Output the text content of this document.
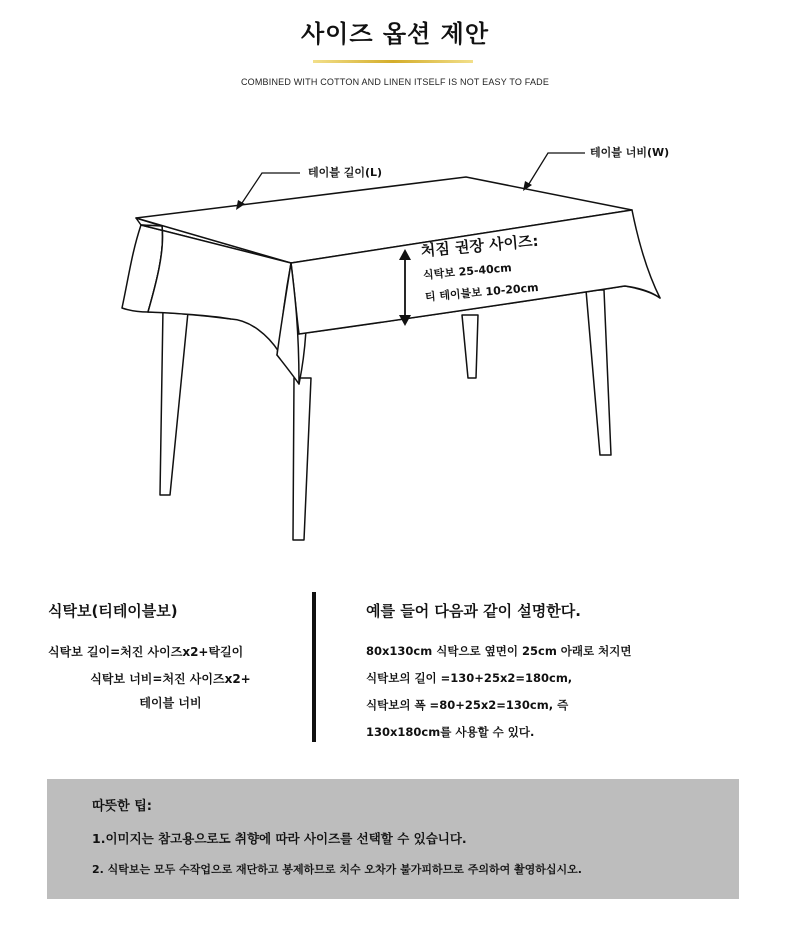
사이즈 옵션 제안
COMBINED WITH COTTON AND LINEN ITSELF IS NOT EASY TO FADE
테이블 길이(L)
테이블 너비(W)
처짐 권장 사이즈:
식탁보 25-40cm
티 테이블보 10-20cm
식탁보(티테이블보)
식탁보 길이=처진 사이즈x2+탁길이
식탁보 너비=처진 사이즈x2+
테이블 너비
예를 들어 다음과 같이 설명한다.
80x130cm 식탁으로 옆면이 25cm 아래로 처지면
식탁보의 길이 =130+25x2=180cm,
식탁보의 폭 =80+25x2=130cm, 즉
130x180cm를 사용할 수 있다.
따뜻한 팁:
1.이미지는 참고용으로도 취향에 따라 사이즈를 선택할 수 있습니다.
2. 식탁보는 모두 수작업으로 재단하고 봉제하므로 치수 오차가 불가피하므로 주의하여 촬영하십시오.
